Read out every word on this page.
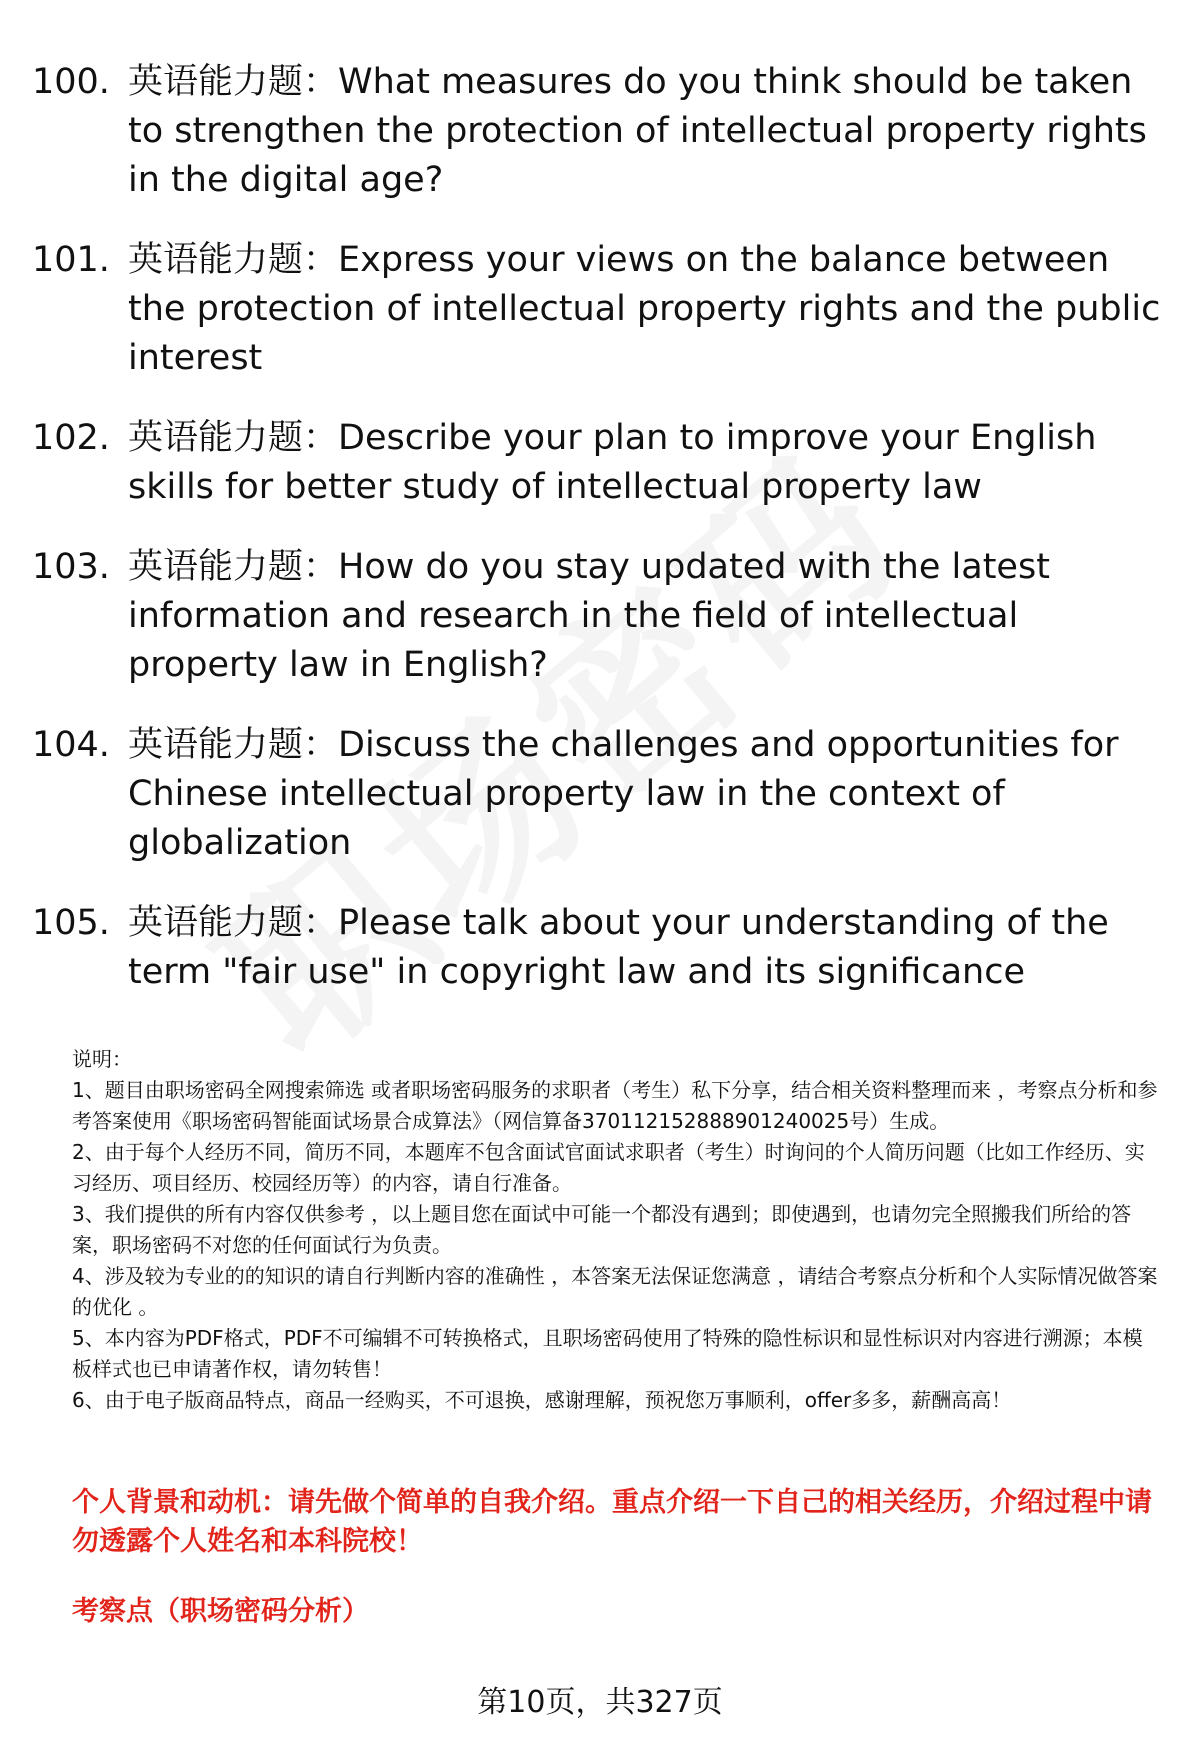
100. 英语能力题：What measures do you think should be taken to strengthen the protection of intellectual property rights in the digital age?
101. 英语能力题：Express your views on the balance between the protection of intellectual property rights and the public interest
102. 英语能力题：Describe your plan to improve your English skills for better study of intellectual property law
103. 英语能力题：How do you stay updated with the latest information and research in the field of intellectual property law in English?
104. 英语能力题：Discuss the challenges and opportunities for Chinese intellectual property law in the context of globalization
105. 英语能力题：Please talk about your understanding of the term "fair use" in copyright law and its significance

说明：

1、题目由职场密码全网搜索筛选 或者职场密码服务的求职者（考生）私下分享，结合相关资料整理而来 ，考察点分析和参考答案使用《职场密码智能面试场景合成算法》（网信算备370112152888901240025号）生成。

2、由于每个人经历不同，简历不同，本题库不包含面试官面试求职者（考生）时询问的个人简历问题（比如工作经历、实习经历、项目经历、校园经历等）的内容，请自行准备。

3、我们提供的所有内容仅供参考 ，以上题目您在面试中可能一个都没有遇到；即使遇到，也请勿完全照搬我们所给的答案，职场密码不对您的任何面试行为负责。

4、涉及较为专业的的知识的请自行判断内容的准确性 ，本答案无法保证您满意 ，请结合考察点分析和个人实际情况做答案的优化 。

5、本内容为PDF格式，PDF不可编辑不可转换格式，且职场密码使用了特殊的隐性标识和显性标识对内容进行溯源；本模板样式也已申请著作权，请勿转售！

6、由于电子版商品特点，商品一经购买，不可退换，感谢理解，预祝您万事顺利，offer多多，薪酬高高！

个人背景和动机：请先做个简单的自我介绍。重点介绍一下自己的相关经历，介绍过程中请勿透露个人姓名和本科院校！
考察点（职场密码分析）
第10页，共327页
